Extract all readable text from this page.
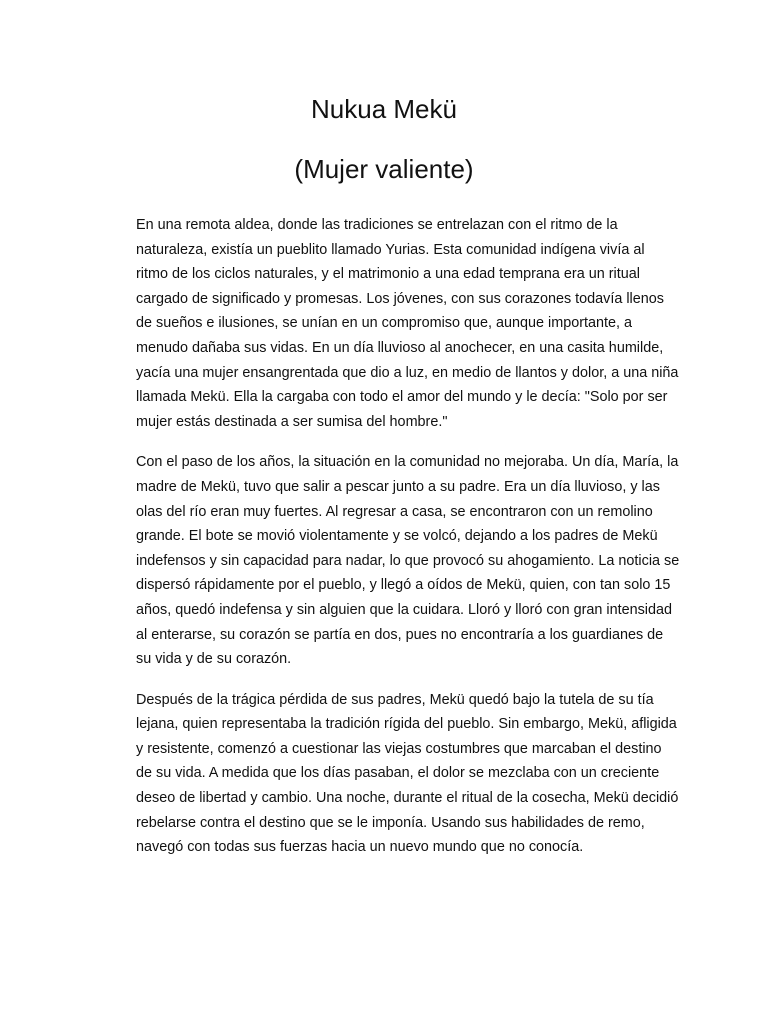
Nukua Mekü
(Mujer valiente)

En una remota aldea, donde las tradiciones se entrelazan con el ritmo de la naturaleza, existía un pueblito llamado Yurias. Esta comunidad indígena vivía al ritmo de los ciclos naturales, y el matrimonio a una edad temprana era un ritual cargado de significado y promesas. Los jóvenes, con sus corazones todavía llenos de sueños e ilusiones, se unían en un compromiso que, aunque importante, a menudo dañaba sus vidas. En un día lluvioso al anochecer, en una casita humilde, yacía una mujer ensangrentada que dio a luz, en medio de llantos y dolor, a una niña llamada Mekü. Ella la cargaba con todo el amor del mundo y le decía: "Solo por ser mujer estás destinada a ser sumisa del hombre."

Con el paso de los años, la situación en la comunidad no mejoraba. Un día, María, la madre de Mekü, tuvo que salir a pescar junto a su padre. Era un día lluvioso, y las olas del río eran muy fuertes. Al regresar a casa, se encontraron con un remolino grande. El bote se movió violentamente y se volcó, dejando a los padres de Mekü indefensos y sin capacidad para nadar, lo que provocó su ahogamiento. La noticia se dispersó rápidamente por el pueblo, y llegó a oídos de Mekü, quien, con tan solo 15 años, quedó indefensa y sin alguien que la cuidara. Lloró y lloró con gran intensidad al enterarse, su corazón se partía en dos, pues no encontraría a los guardianes de su vida y de su corazón.

Después de la trágica pérdida de sus padres, Mekü quedó bajo la tutela de su tía lejana, quien representaba la tradición rígida del pueblo. Sin embargo, Mekü, afligida y resistente, comenzó a cuestionar las viejas costumbres que marcaban el destino de su vida. A medida que los días pasaban, el dolor se mezclaba con un creciente deseo de libertad y cambio. Una noche, durante el ritual de la cosecha, Mekü decidió rebelarse contra el destino que se le imponía. Usando sus habilidades de remo, navegó con todas sus fuerzas hacia un nuevo mundo que no conocía.
